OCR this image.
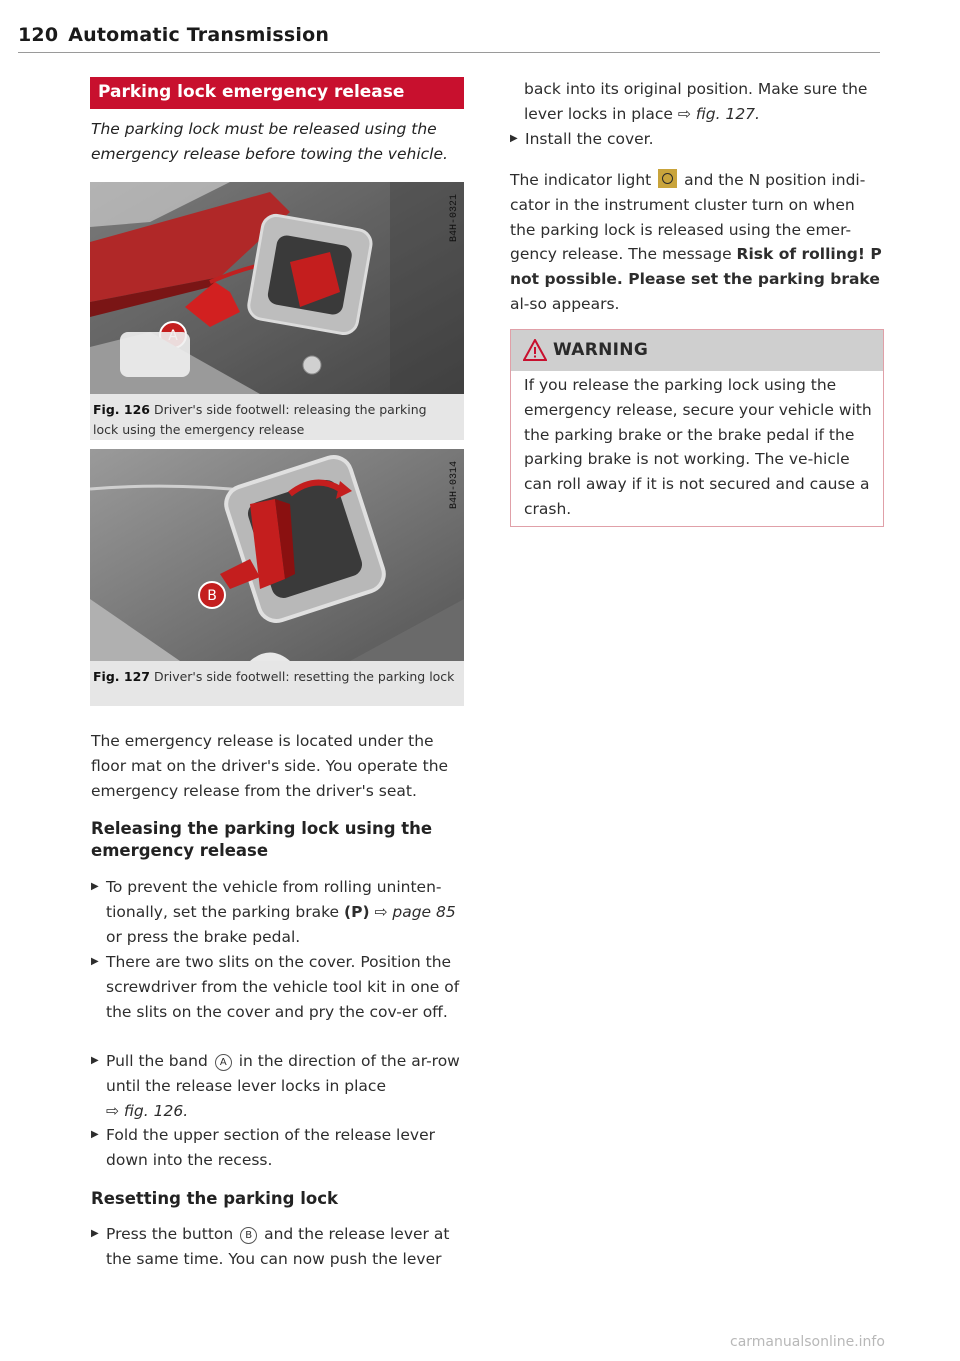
120 Automatic Transmission
Parking lock emergency release
The parking lock must be released using the emergency release before towing the vehicle.
B4H-0321
Fig. 126 Driver's side footwell: releasing the parking lock using the emergency release
B
B4H-0314
Fig. 127 Driver's side footwell: resetting the parking lock
The emergency release is located under the floor mat on the driver's side. You operate the emergency release from the driver's seat.
Releasing the parking lock using the emergency release
▶ To prevent the vehicle from rolling uninten-
tionally, set the parking brake (P) ⇨ page 85
or press the brake pedal.
▶ There are two slits on the cover. Position the screwdriver from the vehicle tool kit in one of the slits on the cover and pry the cov-er off.
▶ Pull the band A in the direction of the ar-row until the release lever locks in place
⇨ fig. 126.
▶ Fold the upper section of the release lever down into the recess.
Resetting the parking lock
▶ Press the button B and the release lever at the same time. You can now push the lever
back into its original position. Make sure the lever locks in place ⇨ fig. 127.
▶ Install the cover.
The indicator light and the N position indi-cator in the instrument cluster turn on when the parking lock is released using the emer-gency release. The message Risk of rolling! P not possible. Please set the parking brake al-so appears.
WARNING
If you release the parking lock using the emergency release, secure your vehicle with the parking brake or the brake pedal if the parking brake is not working. The ve-hicle can roll away if it is not secured and cause a crash.
carmanualsonline.info
